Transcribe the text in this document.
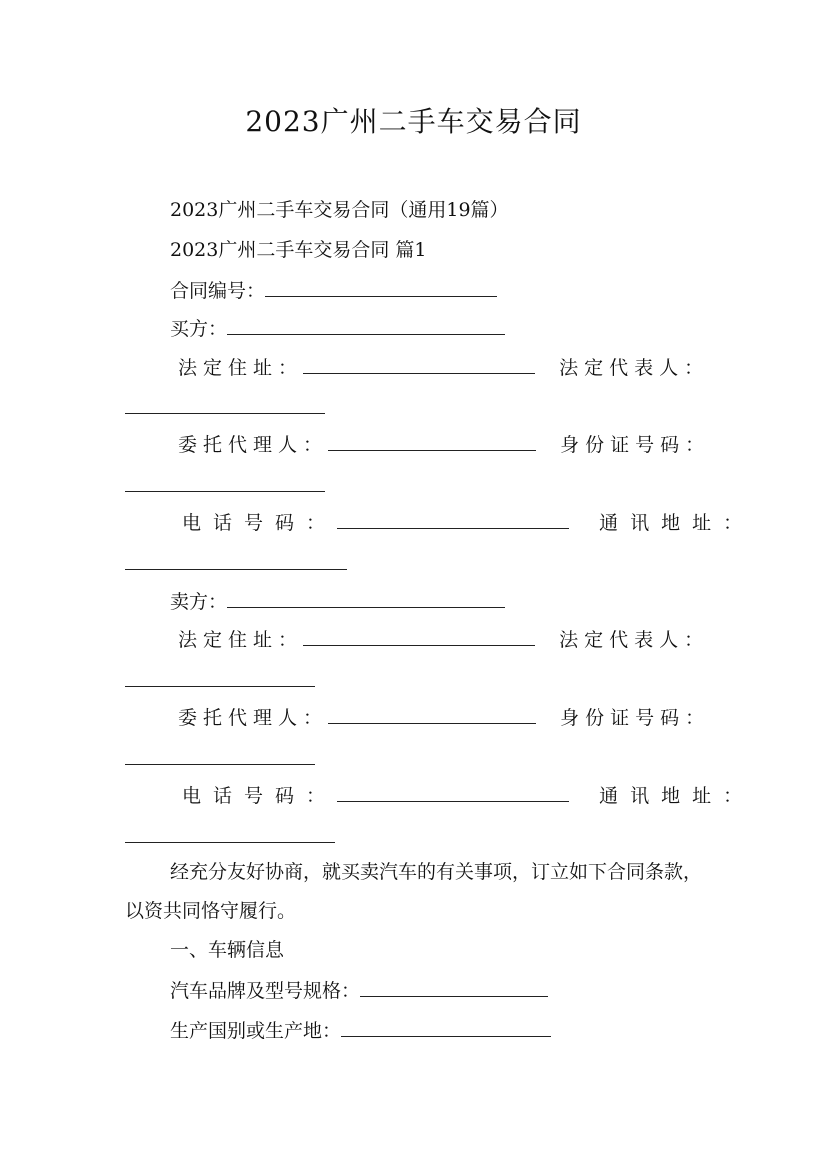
2023广州二手车交易合同
2023广州二手车交易合同（通用19篇）
2023广州二手车交易合同 篇1
合同编号：
买方：
法定住址：	法定代表人：
委托代理人：	身份证号码：
电话号码：	通讯地址：
卖方：
法定住址：	法定代表人：
委托代理人：	身份证号码：
电话号码：	通讯地址：
经充分友好协商，就买卖汽车的有关事项，订立如下合同条款，以资共同恪守履行。
一、车辆信息
汽车品牌及型号规格：
生产国别或生产地：
